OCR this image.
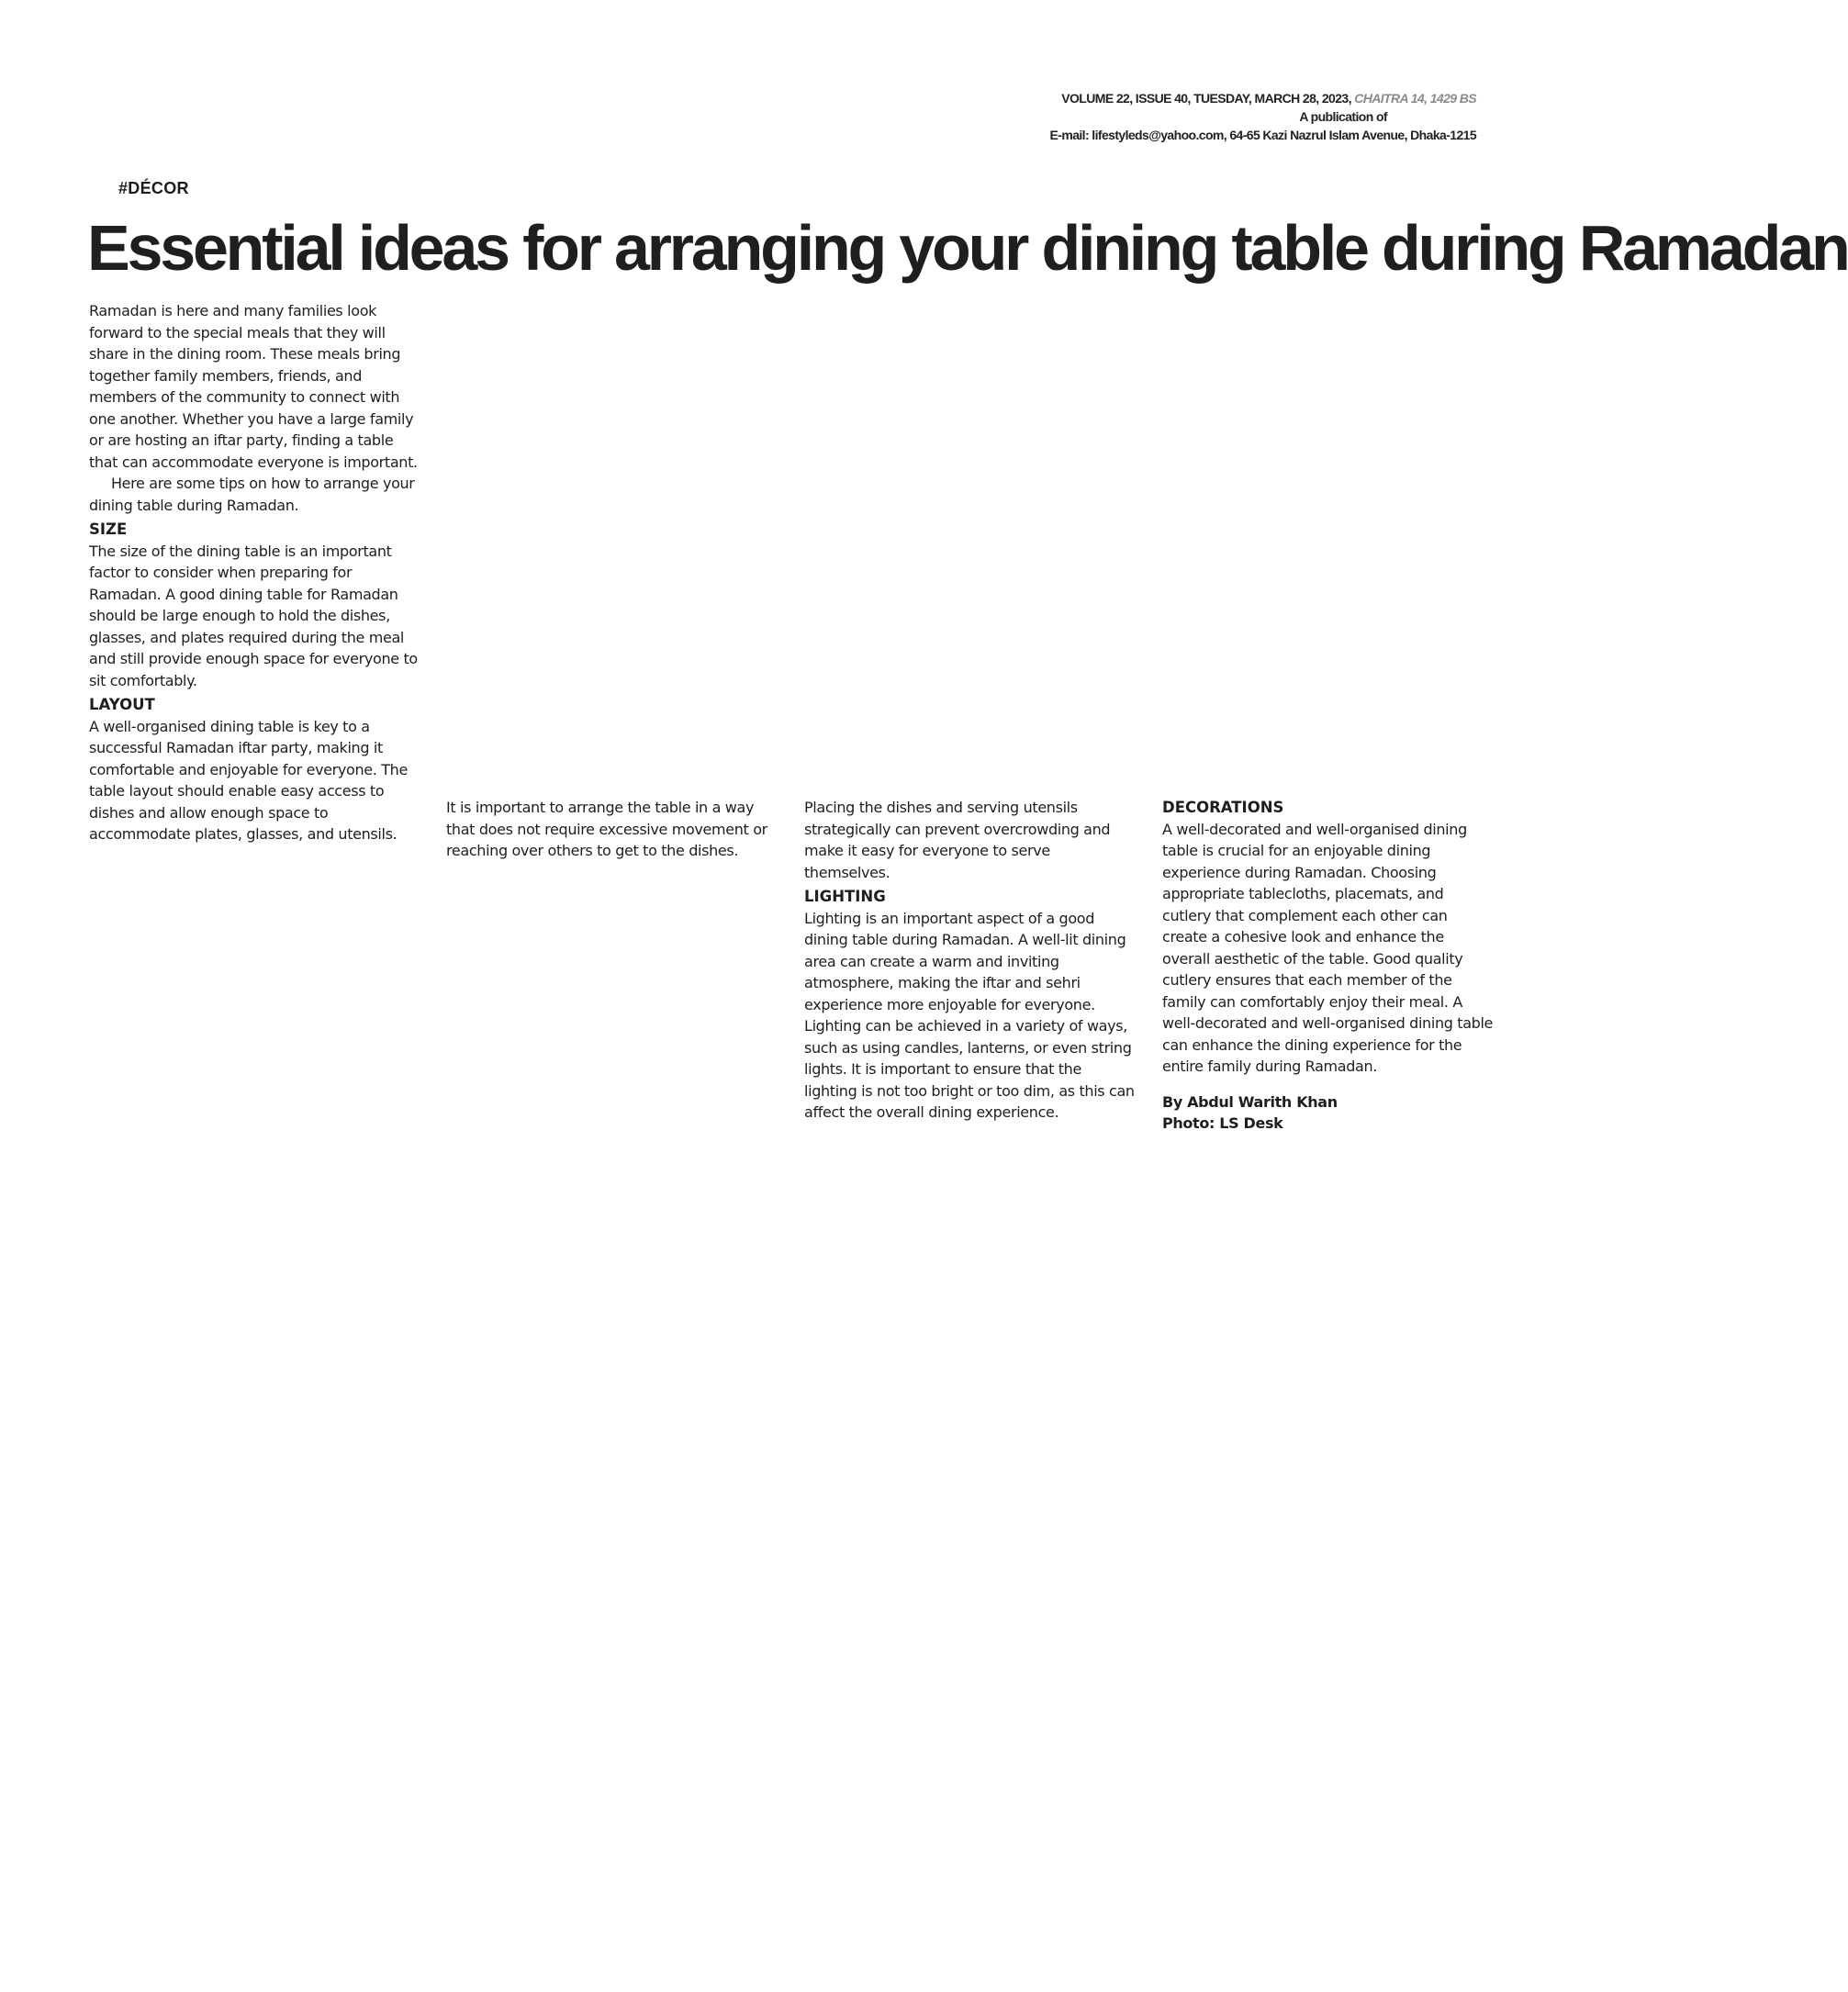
VOLUME 22, ISSUE 40, TUESDAY, MARCH 28, 2023, CHAITRA 14, 1429 BS
A publication of
E-mail: lifestyleds@yahoo.com, 64-65 Kazi Nazrul Islam Avenue, Dhaka-1215
#DÉCOR
Essential ideas for arranging your dining table during Ramadan

Ramadan is here and many families look forward to the special meals that they will share in the dining room. These meals bring together family members, friends, and members of the community to connect with one another. Whether you have a large family or are hosting an iftar party, finding a table that can accommodate everyone is important.

Here are some tips on how to arrange your dining table during Ramadan.

SIZE

The size of the dining table is an important factor to consider when preparing for Ramadan. A good dining table for Ramadan should be large enough to hold the dishes, glasses, and plates required during the meal and still provide enough space for everyone to sit comfortably.

LAYOUT

A well-organised dining table is key to a successful Ramadan iftar party, making it comfortable and enjoyable for everyone. The table layout should enable easy access to dishes and allow enough space to accommodate plates, glasses, and utensils.

It is important to arrange the table in a way that does not require excessive movement or reaching over others to get to the dishes.

Placing the dishes and serving utensils strategically can prevent overcrowding and make it easy for everyone to serve themselves.

LIGHTING

Lighting is an important aspect of a good dining table during Ramadan. A well-lit dining area can create a warm and inviting atmosphere, making the iftar and sehri experience more enjoyable for everyone. Lighting can be achieved in a variety of ways, such as using candles, lanterns, or even string lights. It is important to ensure that the lighting is not too bright or too dim, as this can affect the overall dining experience.

DECORATIONS

A well-decorated and well-organised dining table is crucial for an enjoyable dining experience during Ramadan. Choosing appropriate tablecloths, placemats, and cutlery that complement each other can create a cohesive look and enhance the overall aesthetic of the table. Good quality cutlery ensures that each member of the family can comfortably enjoy their meal. A well-decorated and well-organised dining table can enhance the dining experience for the entire family during Ramadan.

By Abdul Warith Khan

Photo: LS Desk
